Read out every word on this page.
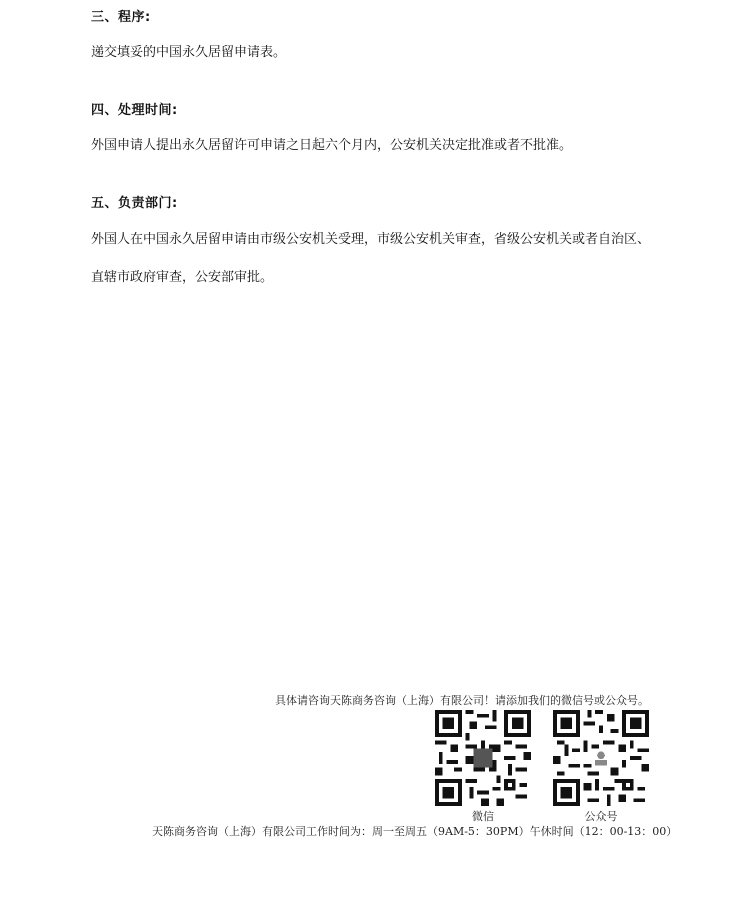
三、程序:
递交填妥的中国永久居留申请表。
四、处理时间:
外国申请人提出永久居留许可申请之日起六个月内，公安机关决定批准或者不批准。
五、负责部门:
外国人在中国永久居留申请由市级公安机关受理，市级公安机关审查，省级公安机关或者自治区、
直辖市政府审查，公安部审批。
具体请咨询天陈商务咨询（上海）有限公司！请添加我们的微信号或公众号。
微信	公众号
天陈商务咨询（上海）有限公司工作时间为：周一至周五（9AM-5：30PM）午休时间（12：00-13：00）
